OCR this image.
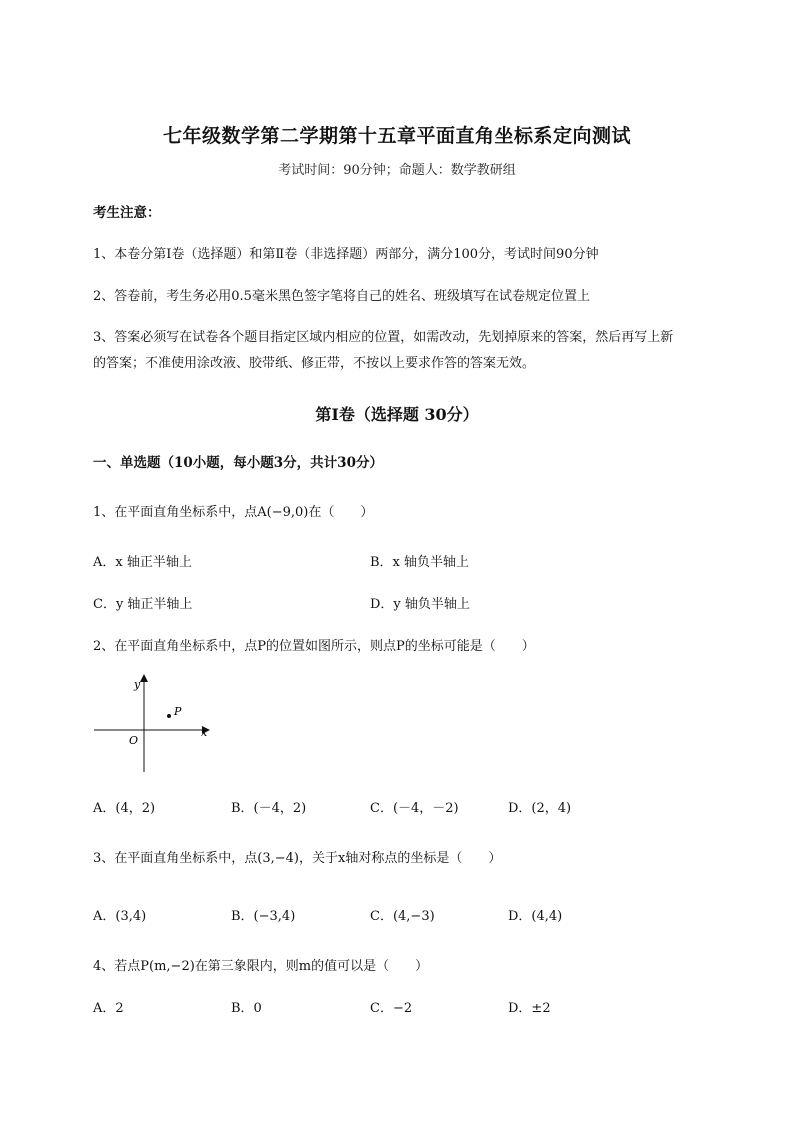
七年级数学第二学期第十五章平面直角坐标系定向测试
考试时间：90分钟；命题人：数学教研组
考生注意：
1、本卷分第I卷（选择题）和第Ⅱ卷（非选择题）两部分，满分100分，考试时间90分钟
2、答卷前，考生务必用0.5毫米黑色签字笔将自己的姓名、班级填写在试卷规定位置上
3、答案必须写在试卷各个题目指定区域内相应的位置，如需改动，先划掉原来的答案，然后再写上新
的答案；不准使用涂改液、胶带纸、修正带，不按以上要求作答的答案无效。
第I卷（选择题 30分）
一、单选题（10小题，每小题3分，共计30分）
1、在平面直角坐标系中，点A(−9,0)在（　　）
A．x 轴正半轴上	B．x 轴负半轴上
C．y 轴正半轴上	D．y 轴负半轴上
2、在平面直角坐标系中，点P的位置如图所示，则点P的坐标可能是（　　）
y
x
O
P
A．(4，2)	B．(－4，2)	C．(－4，－2)	D．(2，4)
3、在平面直角坐标系中，点(3,−4)，关于x轴对称点的坐标是（　　）
A．(3,4)	B．(−3,4)	C．(4,−3)	D．(4,4)
4、若点P(m,−2)在第三象限内，则m的值可以是（　　）
A．2	B．0	C．−2	D．±2
